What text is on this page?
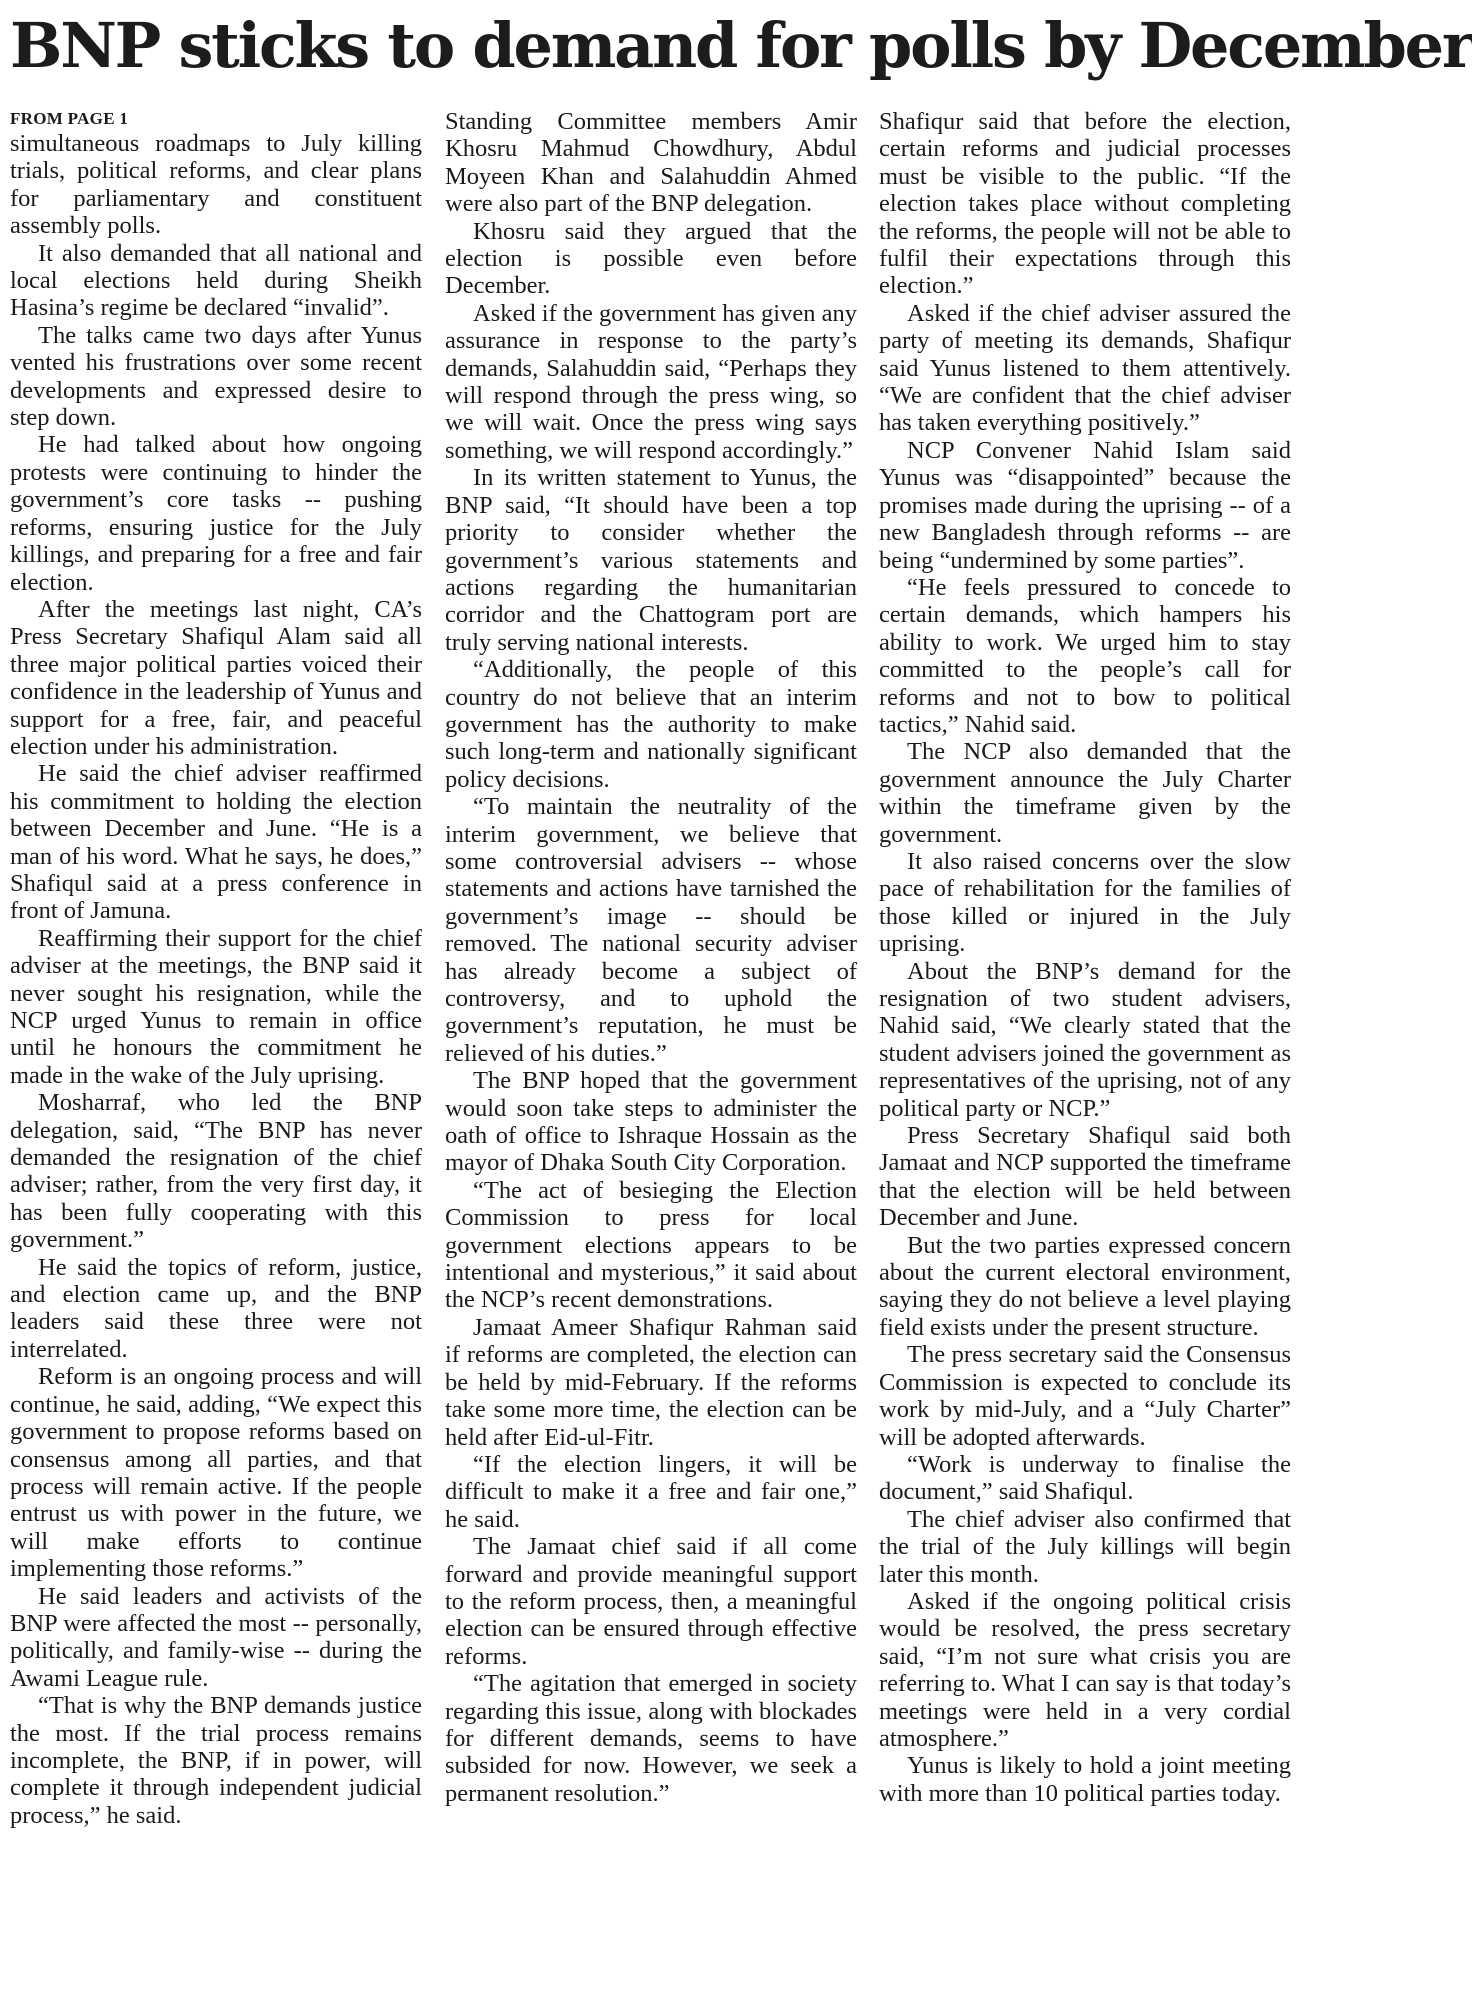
BNP sticks to demand for polls by December

FROM PAGE 1

simultaneous roadmaps to July killing trials, political reforms, and clear plans for parliamentary and constituent assembly polls.

It also demanded that all national and local elections held during Sheikh Hasina’s regime be declared “invalid”.

The talks came two days after Yunus vented his frustrations over some recent developments and expressed desire to step down.

He had talked about how ongoing protests were continuing to hinder the government’s core tasks -- pushing reforms, ensuring justice for the July killings, and preparing for a free and fair election.

After the meetings last night, CA’s Press Secretary Shafiqul Alam said all three major political parties voiced their confidence in the leadership of Yunus and support for a free, fair, and peaceful election under his administration.

He said the chief adviser reaffirmed his commitment to holding the election between December and June. “He is a man of his word. What he says, he does,” Shafiqul said at a press conference in front of Jamuna.

Reaffirming their support for the chief adviser at the meetings, the BNP said it never sought his resignation, while the NCP urged Yunus to remain in office until he honours the commitment he made in the wake of the July uprising.

Mosharraf, who led the BNP delegation, said, “The BNP has never demanded the resignation of the chief adviser; rather, from the very first day, it has been fully cooperating with this government.”

He said the topics of reform, justice, and election came up, and the BNP leaders said these three were not interrelated.

Reform is an ongoing process and will continue, he said, adding, “We expect this government to propose reforms based on consensus among all parties, and that process will remain active. If the people entrust us with power in the future, we will make efforts to continue implementing those reforms.”

He said leaders and activists of the BNP were affected the most -- personally, politically, and family-wise -- during the Awami League rule.

“That is why the BNP demands justice the most. If the trial process remains incomplete, the BNP, if in power, will complete it through independent judicial process,” he said.

Standing Committee members Amir Khosru Mahmud Chowdhury, Abdul Moyeen Khan and Salahuddin Ahmed were also part of the BNP delegation.

Khosru said they argued that the election is possible even before December.

Asked if the government has given any assurance in response to the party’s demands, Salahuddin said, “Perhaps they will respond through the press wing, so we will wait. Once the press wing says something, we will respond accordingly.”

In its written statement to Yunus, the BNP said, “It should have been a top priority to consider whether the government’s various statements and actions regarding the humanitarian corridor and the Chattogram port are truly serving national interests.

“Additionally, the people of this country do not believe that an interim government has the authority to make such long-term and nationally significant policy decisions.

“To maintain the neutrality of the interim government, we believe that some controversial advisers -- whose statements and actions have tarnished the government’s image -- should be removed. The national security adviser has already become a subject of controversy, and to uphold the government’s reputation, he must be relieved of his duties.”

The BNP hoped that the government would soon take steps to administer the oath of office to Ishraque Hossain as the mayor of Dhaka South City Corporation.

“The act of besieging the Election Commission to press for local government elections appears to be intentional and mysterious,” it said about the NCP’s recent demonstrations.

Jamaat Ameer Shafiqur Rahman said if reforms are completed, the election can be held by mid-February. If the reforms take some more time, the election can be held after Eid-ul-Fitr.

“If the election lingers, it will be difficult to make it a free and fair one,” he said.

The Jamaat chief said if all come forward and provide meaningful support to the reform process, then, a meaningful election can be ensured through effective reforms.

“The agitation that emerged in society regarding this issue, along with blockades for different demands, seems to have subsided for now. However, we seek a permanent resolution.”

Shafiqur said that before the election, certain reforms and judicial processes must be visible to the public. “If the election takes place without completing the reforms, the people will not be able to fulfil their expectations through this election.”

Asked if the chief adviser assured the party of meeting its demands, Shafiqur said Yunus listened to them attentively. “We are confident that the chief adviser has taken everything positively.”

NCP Convener Nahid Islam said Yunus was “disappointed” because the promises made during the uprising -- of a new Bangladesh through reforms -- are being “undermined by some parties”.

“He feels pressured to concede to certain demands, which hampers his ability to work. We urged him to stay committed to the people’s call for reforms and not to bow to political tactics,” Nahid said.

The NCP also demanded that the government announce the July Charter within the timeframe given by the government.

It also raised concerns over the slow pace of rehabilitation for the families of those killed or injured in the July uprising.

About the BNP’s demand for the resignation of two student advisers, Nahid said, “We clearly stated that the student advisers joined the government as representatives of the uprising, not of any political party or NCP.”

Press Secretary Shafiqul said both Jamaat and NCP supported the timeframe that the election will be held between December and June.

But the two parties expressed concern about the current electoral environment, saying they do not believe a level playing field exists under the present structure.

The press secretary said the Consensus Commission is expected to conclude its work by mid-July, and a “July Charter” will be adopted afterwards.

“Work is underway to finalise the document,” said Shafiqul.

The chief adviser also confirmed that the trial of the July killings will begin later this month.

Asked if the ongoing political crisis would be resolved, the press secretary said, “I’m not sure what crisis you are referring to. What I can say is that today’s meetings were held in a very cordial atmosphere.”

Yunus is likely to hold a joint meeting with more than 10 political parties today.
